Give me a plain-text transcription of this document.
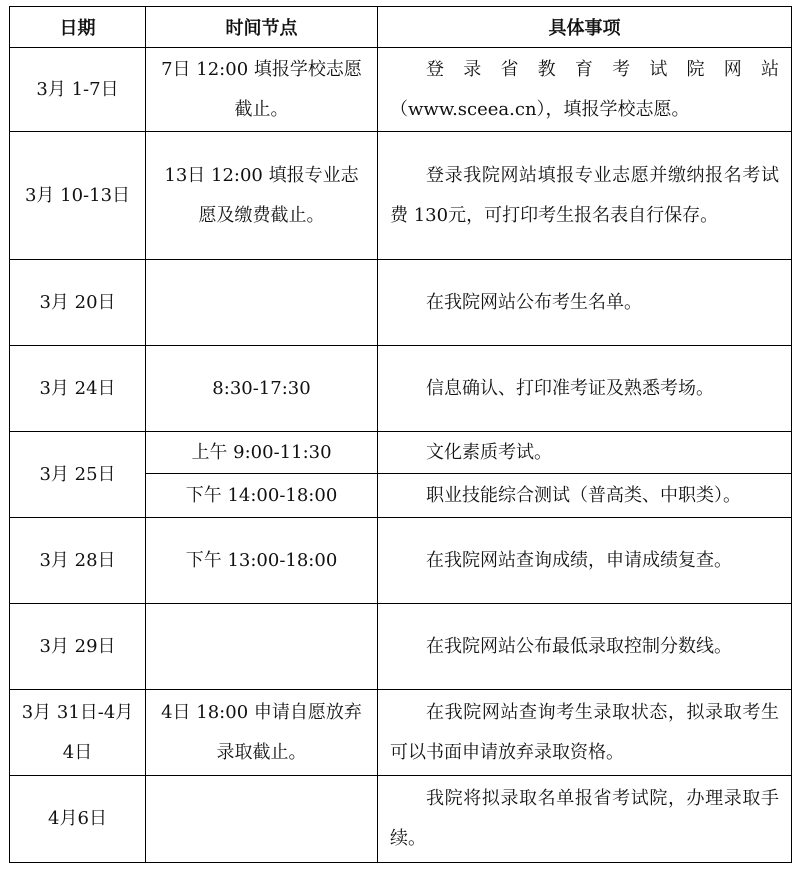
日期	时间节点	具体事项
3月 1-7日	7日 12:00 填报学校志愿截止。	登录省教育考试院网站（www.sceea.cn），填报学校志愿。
3月 10-13日	13日 12:00 填报专业志愿及缴费截止。	登录我院网站填报专业志愿并缴纳报名考试费 130元，可打印考生报名表自行保存。
3月 20日		在我院网站公布考生名单。
3月 24日	8:30-17:30	信息确认、打印准考证及熟悉考场。
3月 25日	上午 9:00-11:30	文化素质考试。
	下午 14:00-18:00	职业技能综合测试（普高类、中职类）。
3月 28日	下午 13:00-18:00	在我院网站查询成绩，申请成绩复查。
3月 29日		在我院网站公布最低录取控制分数线。
3月 31日-4月 4日	4日 18:00 申请自愿放弃录取截止。	在我院网站查询考生录取状态，拟录取考生可以书面申请放弃录取资格。
4月6日		我院将拟录取名单报省考试院，办理录取手续。
